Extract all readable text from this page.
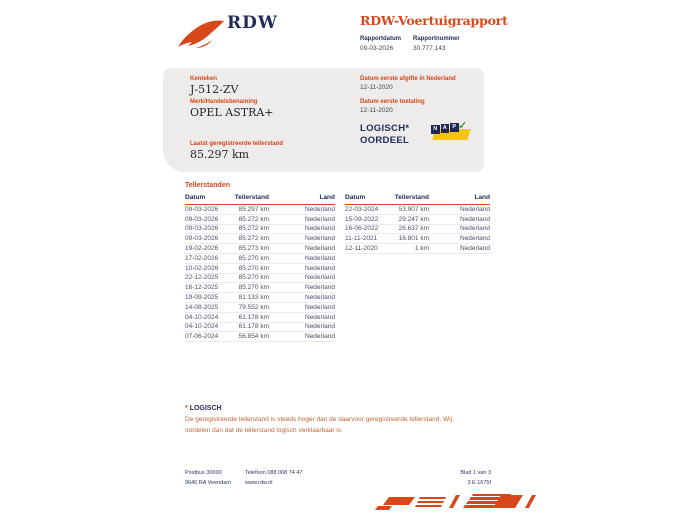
RDW	RDW-Voertuigrapport
Rapportdatum
09-03-2026
Rapportnummer
30.777.143
Kenteken
J-512-ZV
Merk/Handelsbenaming
OPEL ASTRA+
Laatst geregistreerde tellerstand
85.297 km
Datum eerste afgifte in Nederland
12-11-2020
Datum eerste toelating
12-11-2020
LOGISCH*
OORDEEL
N	A	P ✓
Tellerstanden
Datum	Tellerstand	Land
09-03-2026	85.297 km	Nederland
09-03-2026	85.272 km	Nederland
09-03-2026	85.272 km	Nederland
09-03-2026	85.272 km	Nederland
19-02-2026	85.273 km	Nederland
17-02-2026	85.270 km	Nederland
10-02-2026	85.270 km	Nederland
22-12-2025	85.270 km	Nederland
16-12-2025	85.270 km	Nederland
19-09-2025	81.133 km	Nederland
14-08-2025	79.552 km	Nederland
04-10-2024	61.178 km	Nederland
04-10-2024	61.178 km	Nederland
07-06-2024	56.854 km	Nederland
Datum	Tellerstand	Land
22-03-2024	53.907 km	Nederland
15-09-2022	29.247 km	Nederland
16-06-2022	26.637 km	Nederland
11-11-2021	16.801 km	Nederland
12-11-2020	1 km	Nederland
* LOGISCH
De geregistreerde tellerstand is steeds hoger dan de daarvoor geregistreerde tellerstand. Wij oordelen dan dat de tellerstand logisch verklaarbaar is.
Postbus 30000
9640 RA Veendam
Telefoon 088 008 74 47
www.rdw.nl
Blad 1 van 3
3 E 1675f
